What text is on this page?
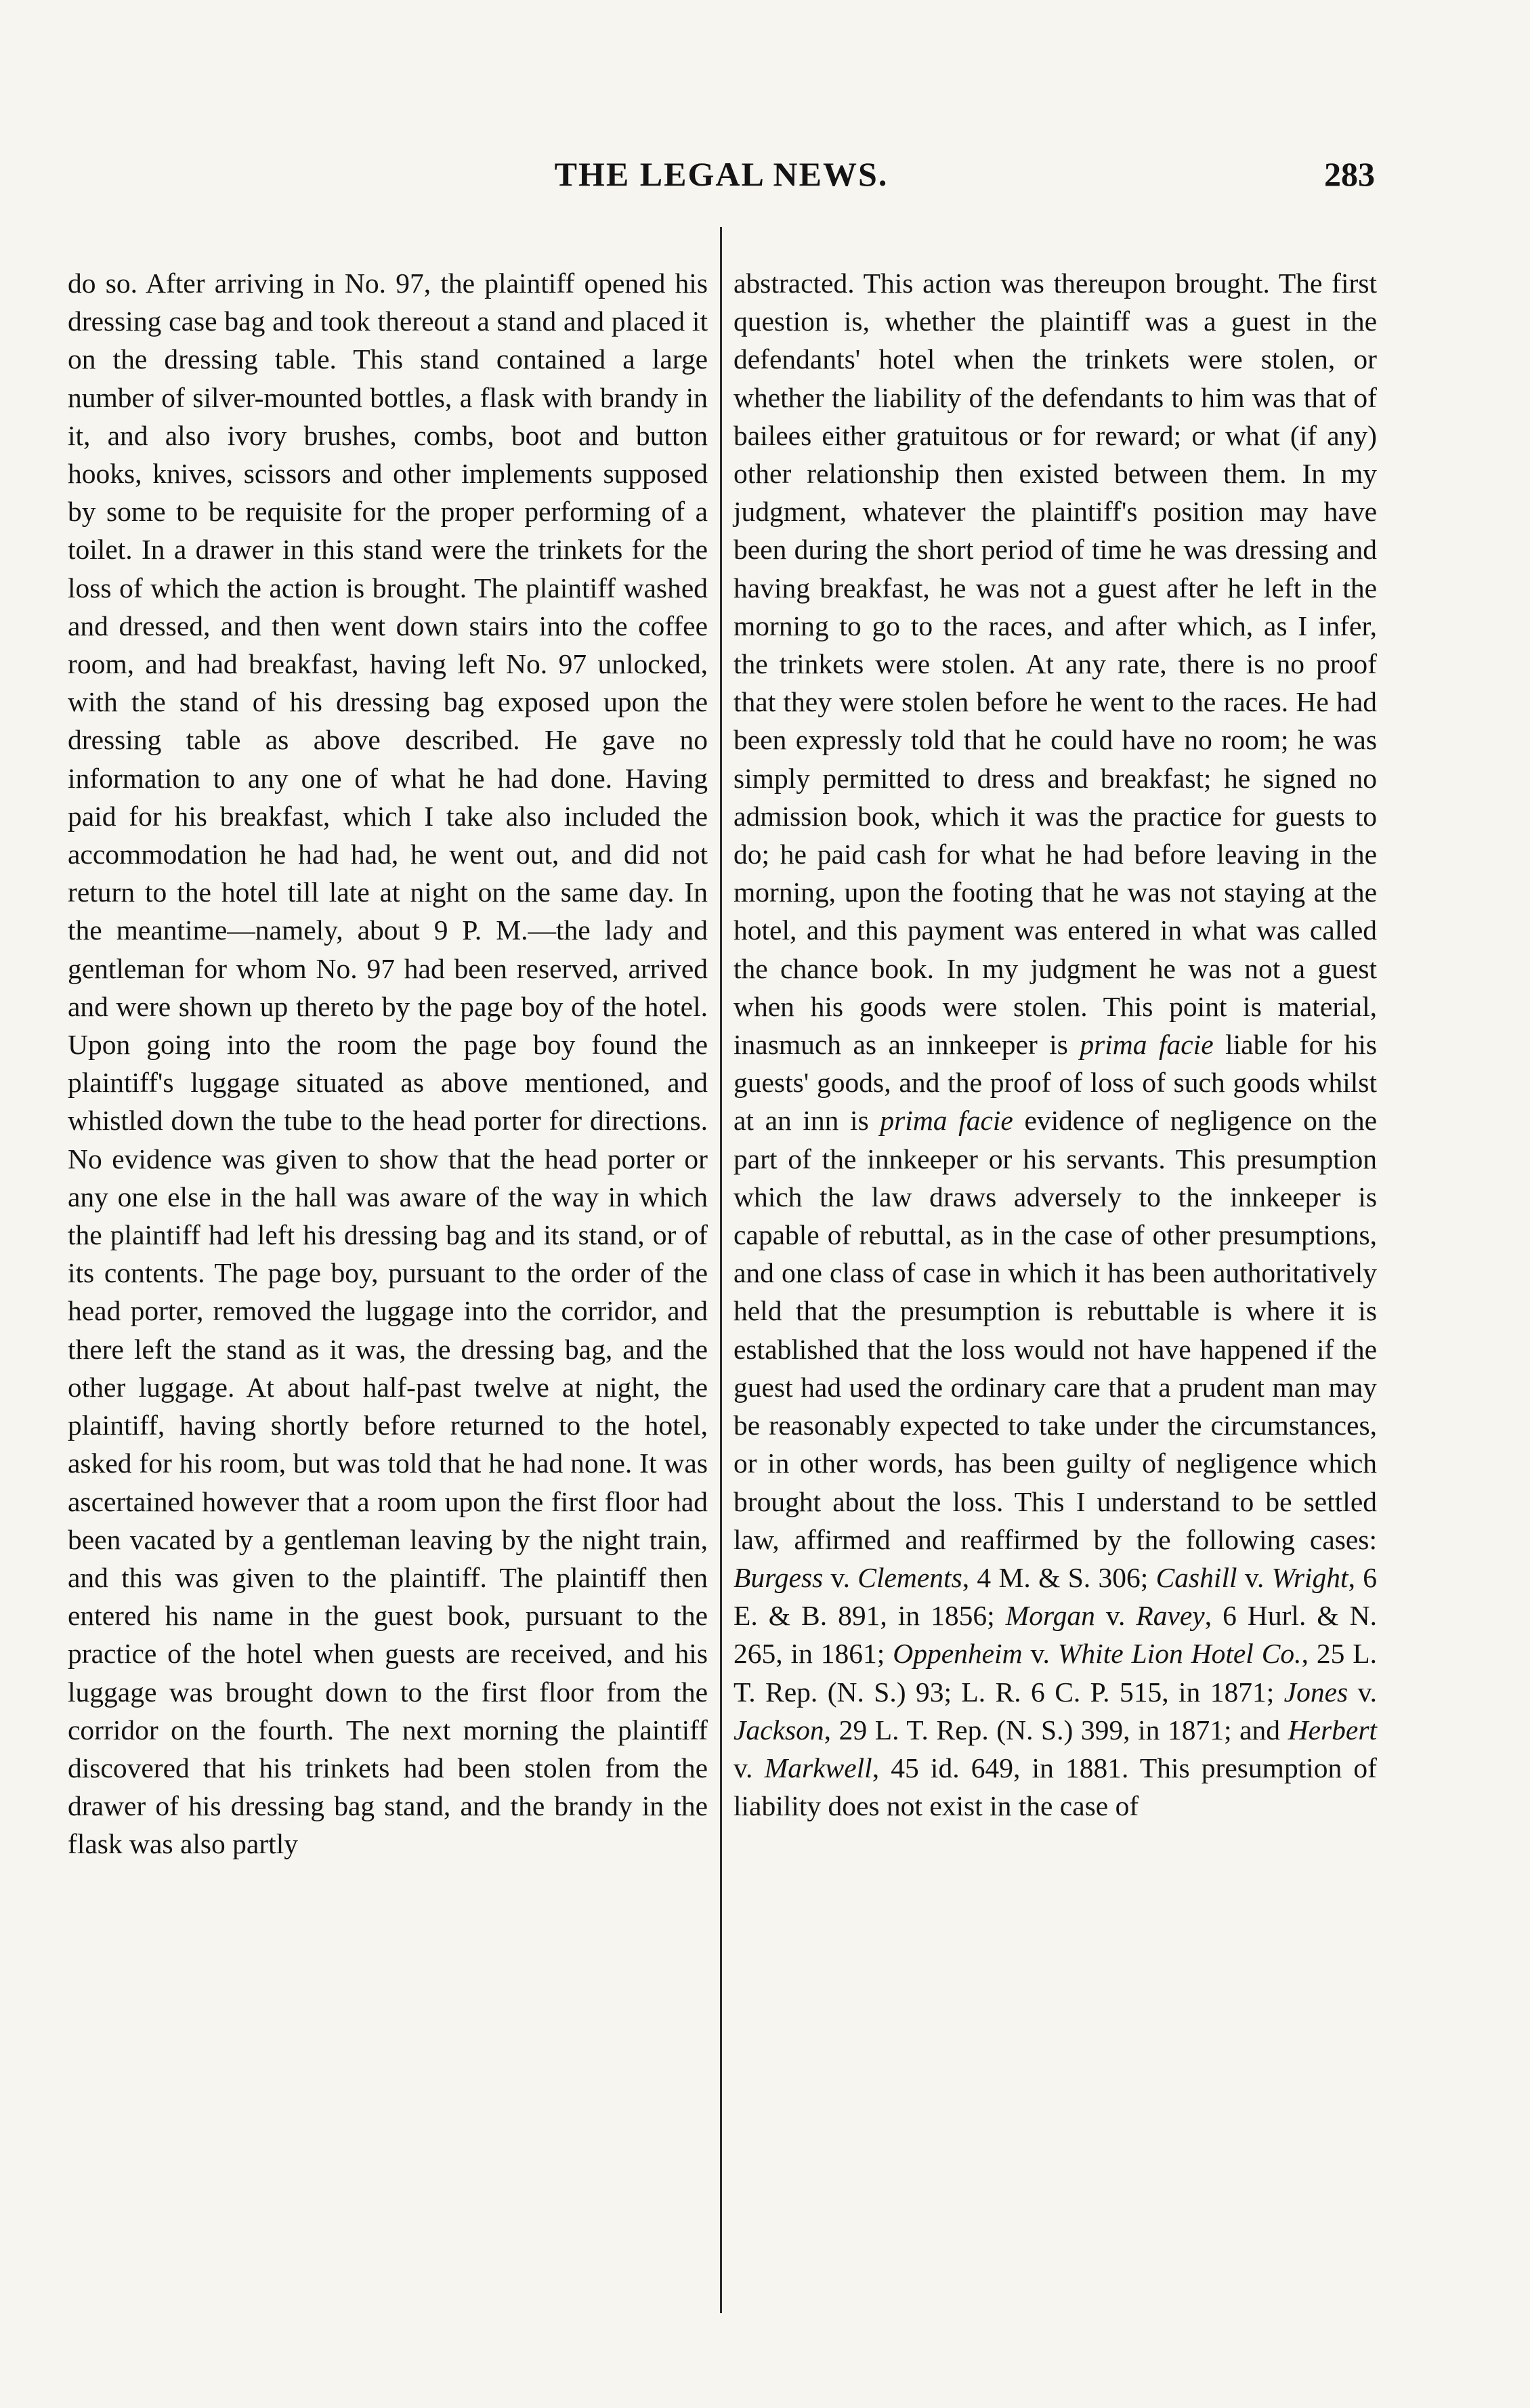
THE LEGAL NEWS.	283

do so. After arriving in No. 97, the plaintiff opened his dressing case bag and took thereout a stand and placed it on the dressing table. This stand contained a large number of silver-mounted bottles, a flask with brandy in it, and also ivory brushes, combs, boot and button hooks, knives, scissors and other implements supposed by some to be requisite for the proper performing of a toilet. In a drawer in this stand were the trinkets for the loss of which the action is brought. The plaintiff washed and dressed, and then went down stairs into the coffee room, and had breakfast, having left No. 97 unlocked, with the stand of his dressing bag exposed upon the dressing table as above described. He gave no information to any one of what he had done. Having paid for his breakfast, which I take also included the accommodation he had had, he went out, and did not return to the hotel till late at night on the same day. In the meantime—namely, about 9 P. M.—the lady and gentleman for whom No. 97 had been reserved, arrived and were shown up thereto by the page boy of the hotel. Upon going into the room the page boy found the plaintiff's luggage situated as above mentioned, and whistled down the tube to the head porter for directions. No evidence was given to show that the head porter or any one else in the hall was aware of the way in which the plaintiff had left his dressing bag and its stand, or of its contents. The page boy, pursuant to the order of the head porter, removed the luggage into the corridor, and there left the stand as it was, the dressing bag, and the other luggage. At about half-past twelve at night, the plaintiff, having shortly before returned to the hotel, asked for his room, but was told that he had none. It was ascertained however that a room upon the first floor had been vacated by a gentleman leaving by the night train, and this was given to the plaintiff. The plaintiff then entered his name in the guest book, pursuant to the practice of the hotel when guests are received, and his luggage was brought down to the first floor from the corridor on the fourth. The next morning the plaintiff discovered that his trinkets had been stolen from the drawer of his dressing bag stand, and the brandy in the flask was also partly

abstracted. This action was thereupon brought. The first question is, whether the plaintiff was a guest in the defendants' hotel when the trinkets were stolen, or whether the liability of the defendants to him was that of bailees either gratuitous or for reward; or what (if any) other relationship then existed between them. In my judgment, whatever the plaintiff's position may have been during the short period of time he was dressing and having breakfast, he was not a guest after he left in the morning to go to the races, and after which, as I infer, the trinkets were stolen. At any rate, there is no proof that they were stolen before he went to the races. He had been expressly told that he could have no room; he was simply permitted to dress and breakfast; he signed no admission book, which it was the practice for guests to do; he paid cash for what he had before leaving in the morning, upon the footing that he was not staying at the hotel, and this payment was entered in what was called the chance book. In my judgment he was not a guest when his goods were stolen. This point is material, inasmuch as an innkeeper is prima facie liable for his guests' goods, and the proof of loss of such goods whilst at an inn is prima facie evidence of negligence on the part of the innkeeper or his servants. This presumption which the law draws adversely to the innkeeper is capable of rebuttal, as in the case of other presumptions, and one class of case in which it has been authoritatively held that the presumption is rebuttable is where it is established that the loss would not have happened if the guest had used the ordinary care that a prudent man may be reasonably expected to take under the circumstances, or in other words, has been guilty of negligence which brought about the loss. This I understand to be settled law, affirmed and reaffirmed by the following cases: Burgess v. Clements, 4 M. & S. 306; Cashill v. Wright, 6 E. & B. 891, in 1856; Morgan v. Ravey, 6 Hurl. & N. 265, in 1861; Oppenheim v. White Lion Hotel Co., 25 L. T. Rep. (N. S.) 93; L. R. 6 C. P. 515, in 1871; Jones v. Jackson, 29 L. T. Rep. (N. S.) 399, in 1871; and Herbert v. Markwell, 45 id. 649, in 1881. This presumption of liability does not exist in the case of
